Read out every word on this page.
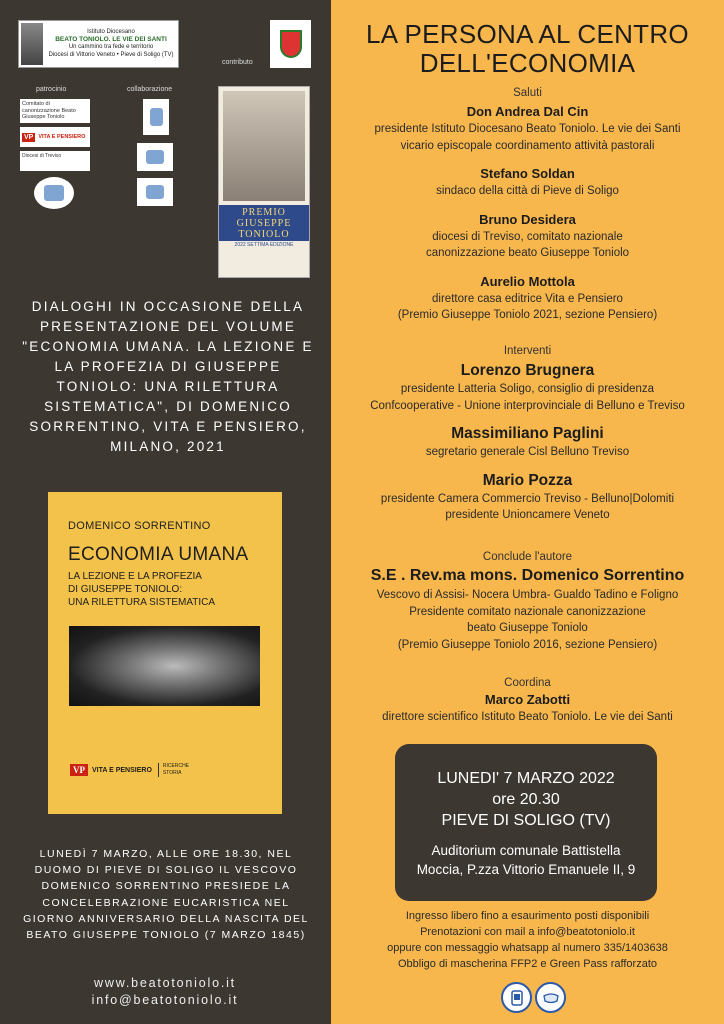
Istituto Diocesano
BEATO TONIOLO. LE VIE DEI SANTI
Un cammino tra fede e territorio
Diocesi di Vittorio Veneto • Pieve di Soligo (TV)
contributo
patrocinio	collaborazione
Comitato di canonizzazione Beato Giuseppe Toniolo
VP VITA E PENSIERO
Diocesi di Treviso
PREMIO GIUSEPPE TONIOLO
2022 SETTIMA EDIZIONE
DIALOGHI IN OCCASIONE DELLA PRESENTAZIONE DEL VOLUME "ECONOMIA UMANA. LA LEZIONE E LA PROFEZIA DI GIUSEPPE TONIOLO: UNA RILETTURA SISTEMATICA", DI DOMENICO SORRENTINO, VITA E PENSIERO, MILANO, 2021
DOMENICO SORRENTINO
ECONOMIA UMANA
LA LEZIONE E LA PROFEZIA
DI GIUSEPPE TONIOLO:
UNA RILETTURA SISTEMATICA
VP	VITA E PENSIERO
RICERCHE
STORIA
LUNEDÌ 7 MARZO, ALLE ORE 18.30, NEL DUOMO DI PIEVE DI SOLIGO IL VESCOVO DOMENICO SORRENTINO PRESIEDE LA CONCELEBRAZIONE EUCARISTICA NEL GIORNO ANNIVERSARIO DELLA NASCITA DEL BEATO GIUSEPPE TONIOLO (7 MARZO 1845)
www.beatotoniolo.it
info@beatotoniolo.it
LA PERSONA AL CENTRO
DELL'ECONOMIA
Saluti
Don Andrea Dal Cin
presidente Istituto Diocesano Beato Toniolo. Le vie dei Santi
vicario episcopale coordinamento attività pastorali
Stefano Soldan
sindaco della città di Pieve di Soligo
Bruno Desidera
diocesi di Treviso, comitato nazionale
canonizzazione beato Giuseppe Toniolo
Aurelio Mottola
direttore casa editrice Vita e Pensiero
(Premio Giuseppe Toniolo 2021, sezione Pensiero)
Interventi
Lorenzo Brugnera
presidente Latteria Soligo, consiglio di presidenza
Confcooperative - Unione interprovinciale di Belluno e Treviso
Massimiliano Paglini
segretario generale Cisl Belluno Treviso
Mario Pozza
presidente Camera Commercio Treviso - Belluno|Dolomiti
presidente Unioncamere Veneto
Conclude l'autore
S.E . Rev.ma mons. Domenico Sorrentino
Vescovo di Assisi- Nocera Umbra- Gualdo Tadino e Foligno
Presidente comitato nazionale canonizzazione
beato Giuseppe Toniolo
(Premio Giuseppe Toniolo 2016, sezione Pensiero)
Coordina
Marco Zabotti
direttore scientifico Istituto Beato Toniolo. Le vie dei Santi
Ingresso libero fino a esaurimento posti disponibili
Prenotazioni con mail a info@beatotoniolo.it
oppure con messaggio whatsapp al numero 335/1403638
Obbligo di mascherina FFP2 e Green Pass rafforzato
LUNEDI' 7 MARZO 2022
ore 20.30
PIEVE DI SOLIGO (TV)
Auditorium comunale Battistella
Moccia, P.zza Vittorio Emanuele II, 9
